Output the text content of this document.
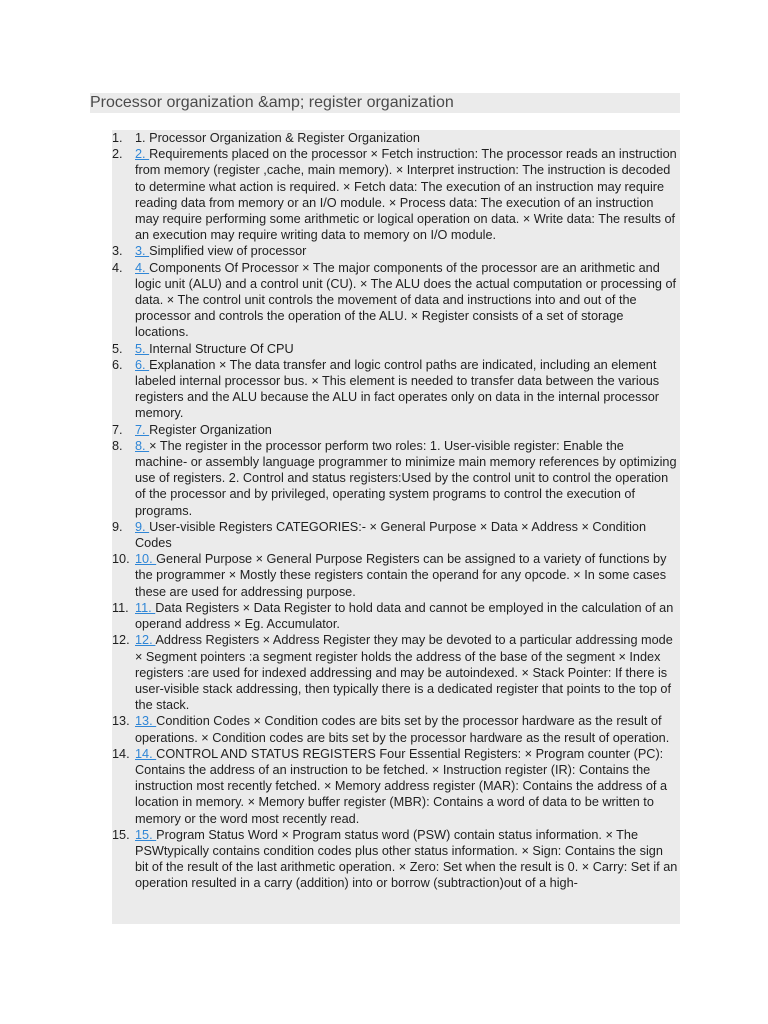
Processor organization &amp; register organization
1. 1. Processor Organization & Register Organization
2. 2. Requirements placed on the processor × Fetch instruction: The processor reads an instruction from memory (register ,cache, main memory). × Interpret instruction: The instruction is decoded to determine what action is required. × Fetch data: The execution of an instruction may require reading data from memory or an I/O module. × Process data: The execution of an instruction may require performing some arithmetic or logical operation on data. × Write data: The results of an execution may require writing data to memory on I/O module.
3. 3. Simplified view of processor
4. 4. Components Of Processor × The major components of the processor are an arithmetic and logic unit (ALU) and a control unit (CU). × The ALU does the actual computation or processing of data. × The control unit controls the movement of data and instructions into and out of the processor and controls the operation of the ALU. × Register consists of a set of storage locations.
5. 5. Internal Structure Of CPU
6. 6. Explanation × The data transfer and logic control paths are indicated, including an element labeled internal processor bus. × This element is needed to transfer data between the various registers and the ALU because the ALU in fact operates only on data in the internal processor memory.
7. 7. Register Organization
8. 8. × The register in the processor perform two roles: 1. User-visible register: Enable the machine- or assembly language programmer to minimize main memory references by optimizing use of registers. 2. Control and status registers:Used by the control unit to control the operation of the processor and by privileged, operating system programs to control the execution of programs.
9. 9. User-visible Registers CATEGORIES:- × General Purpose × Data × Address × Condition Codes
10. 10. General Purpose × General Purpose Registers can be assigned to a variety of functions by the programmer × Mostly these registers contain the operand for any opcode. × In some cases these are used for addressing purpose.
11. 11. Data Registers × Data Register to hold data and cannot be employed in the calculation of an operand address × Eg. Accumulator.
12. 12. Address Registers × Address Register they may be devoted to a particular addressing mode × Segment pointers :a segment register holds the address of the base of the segment × Index registers :are used for indexed addressing and may be autoindexed. × Stack Pointer: If there is user-visible stack addressing, then typically there is a dedicated register that points to the top of the stack.
13. 13. Condition Codes × Condition codes are bits set by the processor hardware as the result of operations. × Condition codes are bits set by the processor hardware as the result of operation.
14. 14. CONTROL AND STATUS REGISTERS Four Essential Registers: × Program counter (PC): Contains the address of an instruction to be fetched. × Instruction register (IR): Contains the instruction most recently fetched. × Memory address register (MAR): Contains the address of a location in memory. × Memory buffer register (MBR): Contains a word of data to be written to memory or the word most recently read.
15. 15. Program Status Word × Program status word (PSW) contain status information. × The PSWtypically contains condition codes plus other status information. × Sign: Contains the sign bit of the result of the last arithmetic operation. × Zero: Set when the result is 0. × Carry: Set if an operation resulted in a carry (addition) into or borrow (subtraction)out of a high-
